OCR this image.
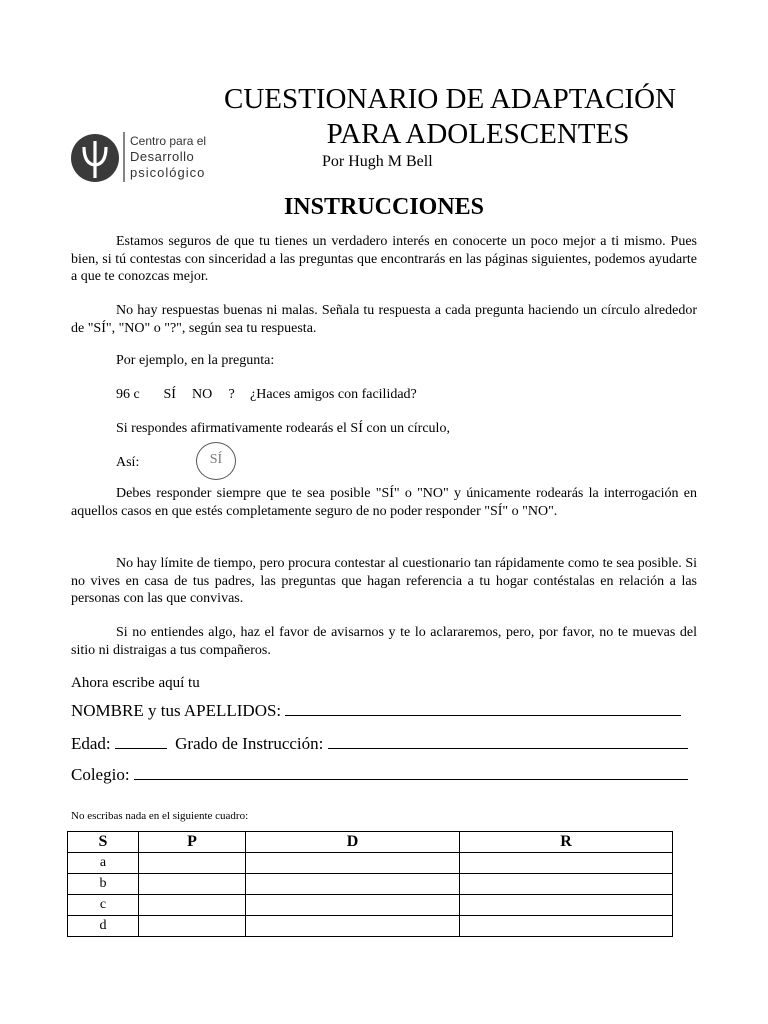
CUESTIONARIO DE ADAPTACIÓN
PARA ADOLESCENTES
Por Hugh M Bell
Centro para el
Desarrollo
psicológico
INSTRUCCIONES
Estamos seguros de que tu tienes un verdadero interés en conocerte un poco mejor a ti mismo. Pues bien, si tú contestas con sinceridad a las preguntas que encontrarás en las páginas siguientes, podemos ayudarte a que te conozcas mejor.
No hay respuestas buenas ni malas. Señala tu respuesta a cada pregunta haciendo un círculo alrededor de "SÍ", "NO" o "?", según sea tu respuesta.
Por ejemplo, en la pregunta:
96 c SÍ NO ? ¿Haces amigos con facilidad?
Si respondes afirmativamente rodearás el SÍ con un círculo,
Así:	SÍ
Debes responder siempre que te sea posible "SÍ" o "NO" y únicamente rodearás la interrogación en aquellos casos en que estés completamente seguro de no poder responder "SÍ" o "NO".
No hay límite de tiempo, pero procura contestar al cuestionario tan rápidamente como te sea posible. Si no vives en casa de tus padres, las preguntas que hagan referencia a tu hogar contéstalas en relación a las personas con las que convivas.
Si no entiendes algo, haz el favor de avisarnos y te lo aclararemos, pero, por favor, no te muevas del sitio ni distraigas a tus compañeros.
Ahora escribe aquí tu
NOMBRE y tus APELLIDOS:
Edad:	Grado de Instrucción:
Colegio:
No escribas nada en el siguiente cuadro:
S	P	D	R
a			
b			
c			
d			
